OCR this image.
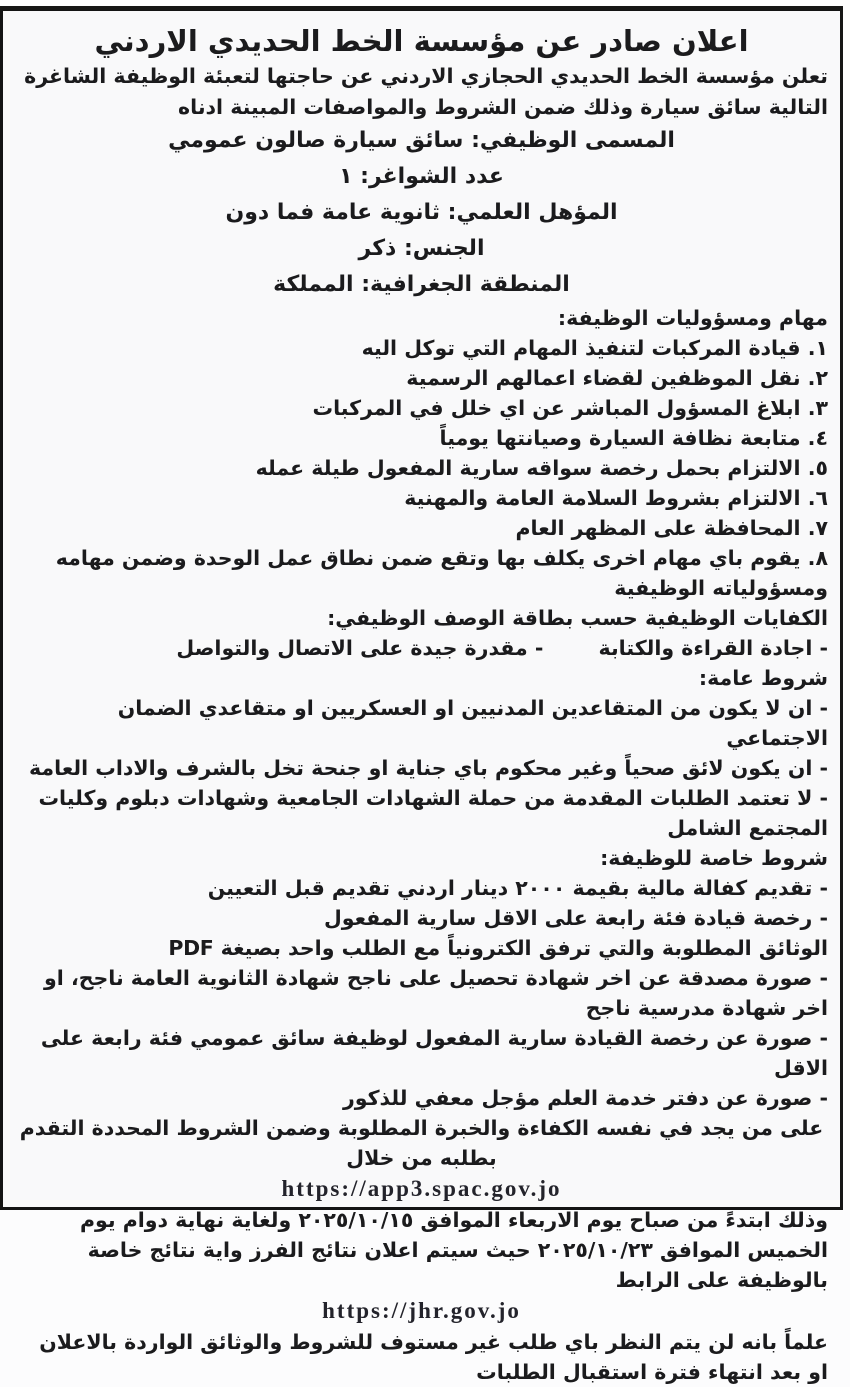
اعلان صادر عن مؤسسة الخط الحديدي الاردني

تعلن مؤسسة الخط الحديدي الحجازي الاردني عن حاجتها لتعبئة الوظيفة الشاغرة التالية سائق سيارة وذلك ضمن الشروط والمواصفات المبينة ادناه

المسمى الوظيفي: سائق سيارة صالون عمومي

عدد الشواغر: ١

المؤهل العلمي: ثانوية عامة فما دون

الجنس: ذكر

المنطقة الجغرافية: المملكة

مهام ومسؤوليات الوظيفة:

١. قيادة المركبات لتنفيذ المهام التي توكل اليه

٢. نقل الموظفين لقضاء اعمالهم الرسمية

٣. ابلاغ المسؤول المباشر عن اي خلل في المركبات

٤. متابعة نظافة السيارة وصيانتها يومياً

٥. الالتزام بحمل رخصة سواقه سارية المفعول طيلة عمله

٦. الالتزام بشروط السلامة العامة والمهنية

٧. المحافظة على المظهر العام

٨. يقوم باي مهام اخرى يكلف بها وتقع ضمن نطاق عمل الوحدة وضمن مهامه ومسؤولياته الوظيفية

الكفايات الوظيفية حسب بطاقة الوصف الوظيفي:

- اجادة القراءة والكتابة - مقدرة جيدة على الاتصال والتواصل

شروط عامة:

- ان لا يكون من المتقاعدين المدنيين او العسكريين او متقاعدي الضمان الاجتماعي

- ان يكون لائق صحياً وغير محكوم باي جناية او جنحة تخل بالشرف والاداب العامة

- لا تعتمد الطلبات المقدمة من حملة الشهادات الجامعية وشهادات دبلوم وكليات المجتمع الشامل

شروط خاصة للوظيفة:

- تقديم كفالة مالية بقيمة ٢٠٠٠ دينار اردني تقديم قبل التعيين

- رخصة قيادة فئة رابعة على الاقل سارية المفعول

الوثائق المطلوبة والتي ترفق الكترونياً مع الطلب واحد بصيغة PDF

- صورة مصدقة عن اخر شهادة تحصيل على ناجح شهادة الثانوية العامة ناجح، او اخر شهادة مدرسية ناجح

- صورة عن رخصة القيادة سارية المفعول لوظيفة سائق عمومي فئة رابعة على الاقل

- صورة عن دفتر خدمة العلم مؤجل معفي للذكور

على من يجد في نفسه الكفاءة والخبرة المطلوبة وضمن الشروط المحددة التقدم بطلبه من خلال

https://app3.spac.gov.jo

وذلك ابتدءً من صباح يوم الاربعاء الموافق ٢٠٢٥/١٠/١٥ ولغاية نهاية دوام يوم الخميس الموافق ٢٠٢٥/١٠/٢٣ حيث سيتم اعلان نتائج الفرز واية نتائج خاصة بالوظيفة على الرابط

https://jhr.gov.jo

علماً بانه لن يتم النظر باي طلب غير مستوف للشروط والوثائق الواردة بالاعلان او بعد انتهاء فترة استقبال الطلبات
